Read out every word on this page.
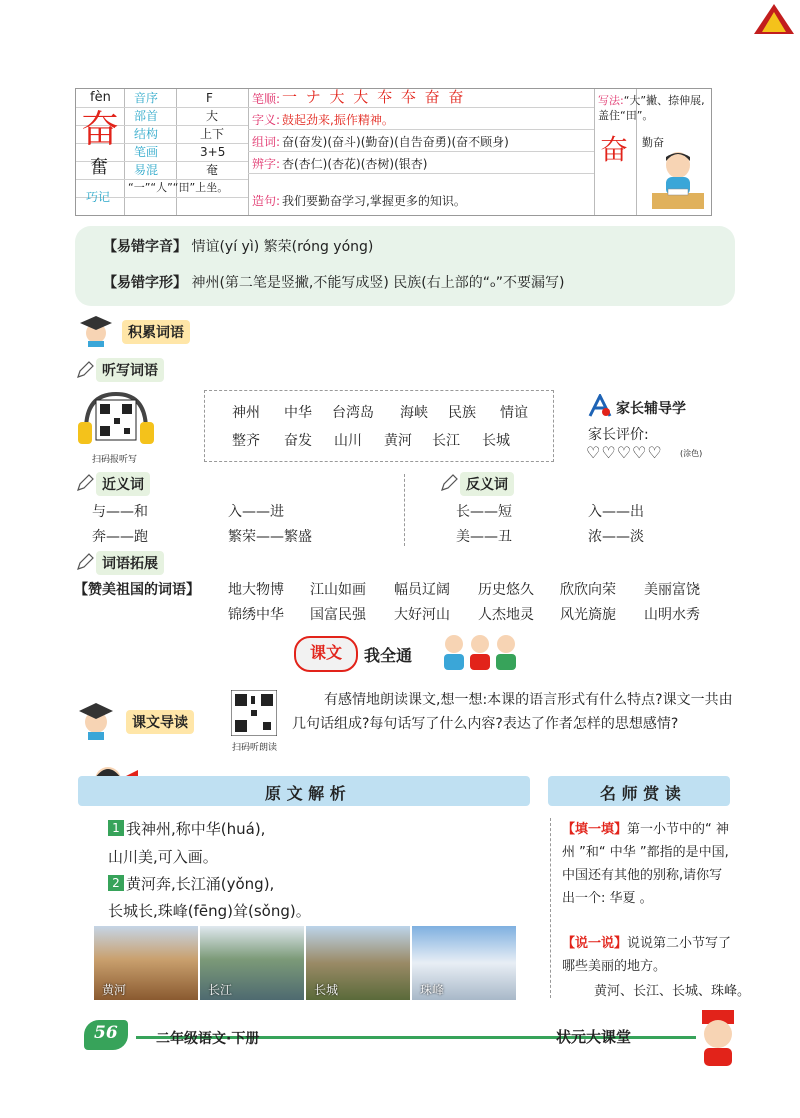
fèn
奋
奮
音序	F
部首	大
结构	上下
笔画	3+5
易混	奄
巧记
“一”“人”“田”上坐。
笔顺: 一 ナ 大 大 夲 夲 奋 奋
字义: 鼓起劲来,振作精神。
组词: 奋(奋发)(奋斗)(勤奋)(自告奋勇)(奋不顾身)
辨字: 杏(杏仁)(杏花)(杏树)(银杏)
造句: 我们要勤奋学习,掌握更多的知识。
写法:“大”撇、捺伸展,盖住“田”。
奋 勤奋
【易错字音】 情谊(yí yì) 繁荣(róng yóng)
【易错字形】 神州(第二笔是竖撇,不能写成竖) 民族(右上部的“ₒ”不要漏写)
积累词语
听写词语
扫码报听写
神州 中华 台湾岛 海峡 民族 情谊
整齐 奋发 山川 黄河 长江 长城
家长辅导学
家长评价:
♡♡♡♡♡ (涂色)
近义词
与——和	入——进
奔——跑	繁荣——繁盛
反义词
长——短	入——出
美——丑	浓——淡
词语拓展
【赞美祖国的词语】 地大物博 江山如画 幅员辽阔 历史悠久 欣欣向荣 美丽富饶
锦绣中华 国富民强 大好河山 人杰地灵 风光旖旎 山明水秀
课文	我全通
课文导读
扫码听朗读
有感情地朗读课文,想一想:本课的语言形式有什么特点?课文一共由几句话组成?每句话写了什么内容?表达了作者怎样的思想感情?
原 文 解 析	名 师 赏 读
1 我神州,称中华(huá),
山川美,可入画。
2 黄河奔,长江涌(yǒng),
长城长,珠峰(fēng)耸(sǒng)。
黄河	长江	长城	珠峰
【填一填】第一小节中的“ 神州 ”和“ 中华 ”都指的是中国,中国还有其他的别称,请你写出一个: 华夏 。
【说一说】说说第二小节写了哪些美丽的地方。
黄河、长江、长城、珠峰。
56	二年级语文·下册	状元大课堂
